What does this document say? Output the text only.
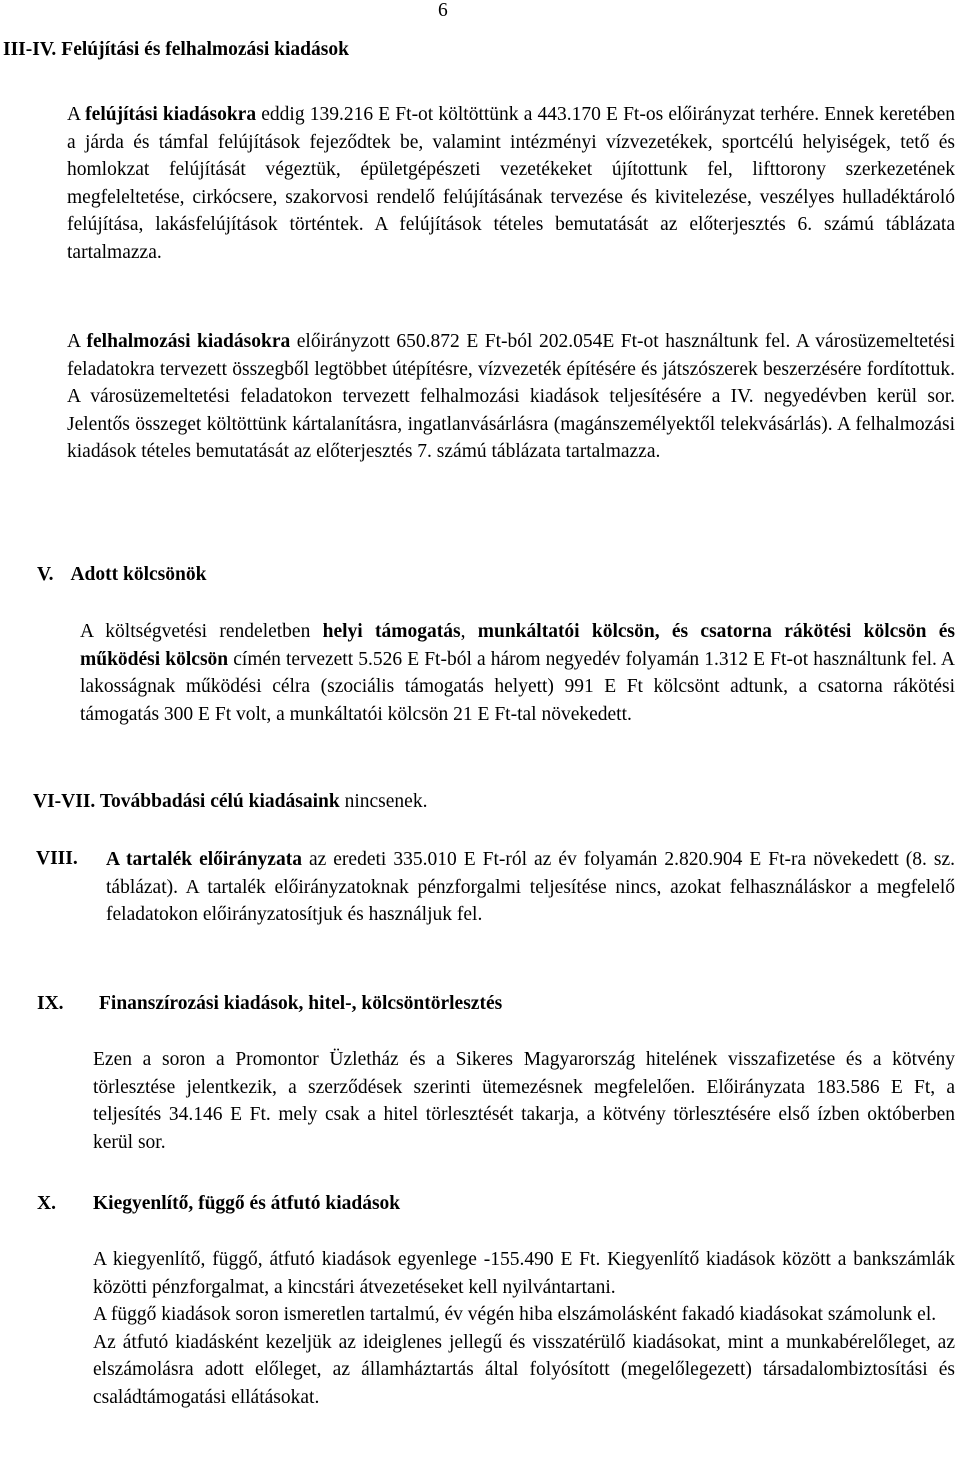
6
III-IV. Felújítási és felhalmozási kiadások

A felújítási kiadásokra eddig 139.216 E Ft-ot költöttünk a 443.170 E Ft-os előirányzat terhére. Ennek keretében a járda és támfal felújítások fejeződtek be, valamint intézményi vízvezetékek, sportcélú helyiségek, tető és homlokzat felújítását végeztük, épületgépészeti vezetékeket újítottunk fel, lifttorony szerkezetének megfeleltetése, cirkócsere, szakorvosi rendelő felújításának tervezése és kivitelezése, veszélyes hulladéktároló felújítása, lakásfelújítások történtek. A felújítások tételes bemutatását az előterjesztés 6. számú táblázata tartalmazza.

A felhalmozási kiadásokra előirányzott 650.872 E Ft-ból 202.054E Ft-ot használtunk fel. A városüzemeltetési feladatokra tervezett összegből legtöbbet útépítésre, vízvezeték építésére és játszószerek beszerzésére fordítottuk. A városüzemeltetési feladatokon tervezett felhalmozási kiadások teljesítésére a IV. negyedévben kerül sor. Jelentős összeget költöttünk kártalanításra, ingatlanvásárlásra (magánszemélyektől telekvásárlás). A felhalmozási kiadások tételes bemutatását az előterjesztés 7. számú táblázata tartalmazza.

V. Adott kölcsönök

A költségvetési rendeletben helyi támogatás, munkáltatói kölcsön, és csatorna rákötési kölcsön és működési kölcsön címén tervezett 5.526 E Ft-ból a három negyedév folyamán 1.312 E Ft-ot használtunk fel. A lakosságnak működési célra (szociális támogatás helyett) 991 E Ft kölcsönt adtunk, a csatorna rákötési támogatás 300 E Ft volt, a munkáltatói kölcsön 21 E Ft-tal növekedett.

VI-VII. Továbbadási célú kiadásaink nincsenek.

VIII. A tartalék előirányzata az eredeti 335.010 E Ft-ról az év folyamán 2.820.904 E Ft-ra növekedett (8. sz. táblázat). A tartalék előirányzatoknak pénzforgalmi teljesítése nincs, azokat felhasználáskor a megfelelő feladatokon előirányzatosítjuk és használjuk fel.

IX. Finanszírozási kiadások, hitel-, kölcsöntörlesztés

Ezen a soron a Promontor Üzletház és a Sikeres Magyarország hitelének visszafizetése és a kötvény törlesztése jelentkezik, a szerződések szerinti ütemezésnek megfelelően. Előirányzata 183.586 E Ft, a teljesítés 34.146 E Ft. mely csak a hitel törlesztését takarja, a kötvény törlesztésére első ízben októberben kerül sor.

X. Kiegyenlítő, függő és átfutó kiadások

A kiegyenlítő, függő, átfutó kiadások egyenlege -155.490 E Ft. Kiegyenlítő kiadások között a bankszámlák közötti pénzforgalmat, a kincstári átvezetéseket kell nyilvántartani.

A függő kiadások soron ismeretlen tartalmú, év végén hiba elszámolásként fakadó kiadásokat számolunk el.

Az átfutó kiadásként kezeljük az ideiglenes jellegű és visszatérülő kiadásokat, mint a munkabérelőleget, az elszámolásra adott előleget, az államháztartás által folyósított (megelőlegezett) társadalombiztosítási és családtámogatási ellátásokat.
